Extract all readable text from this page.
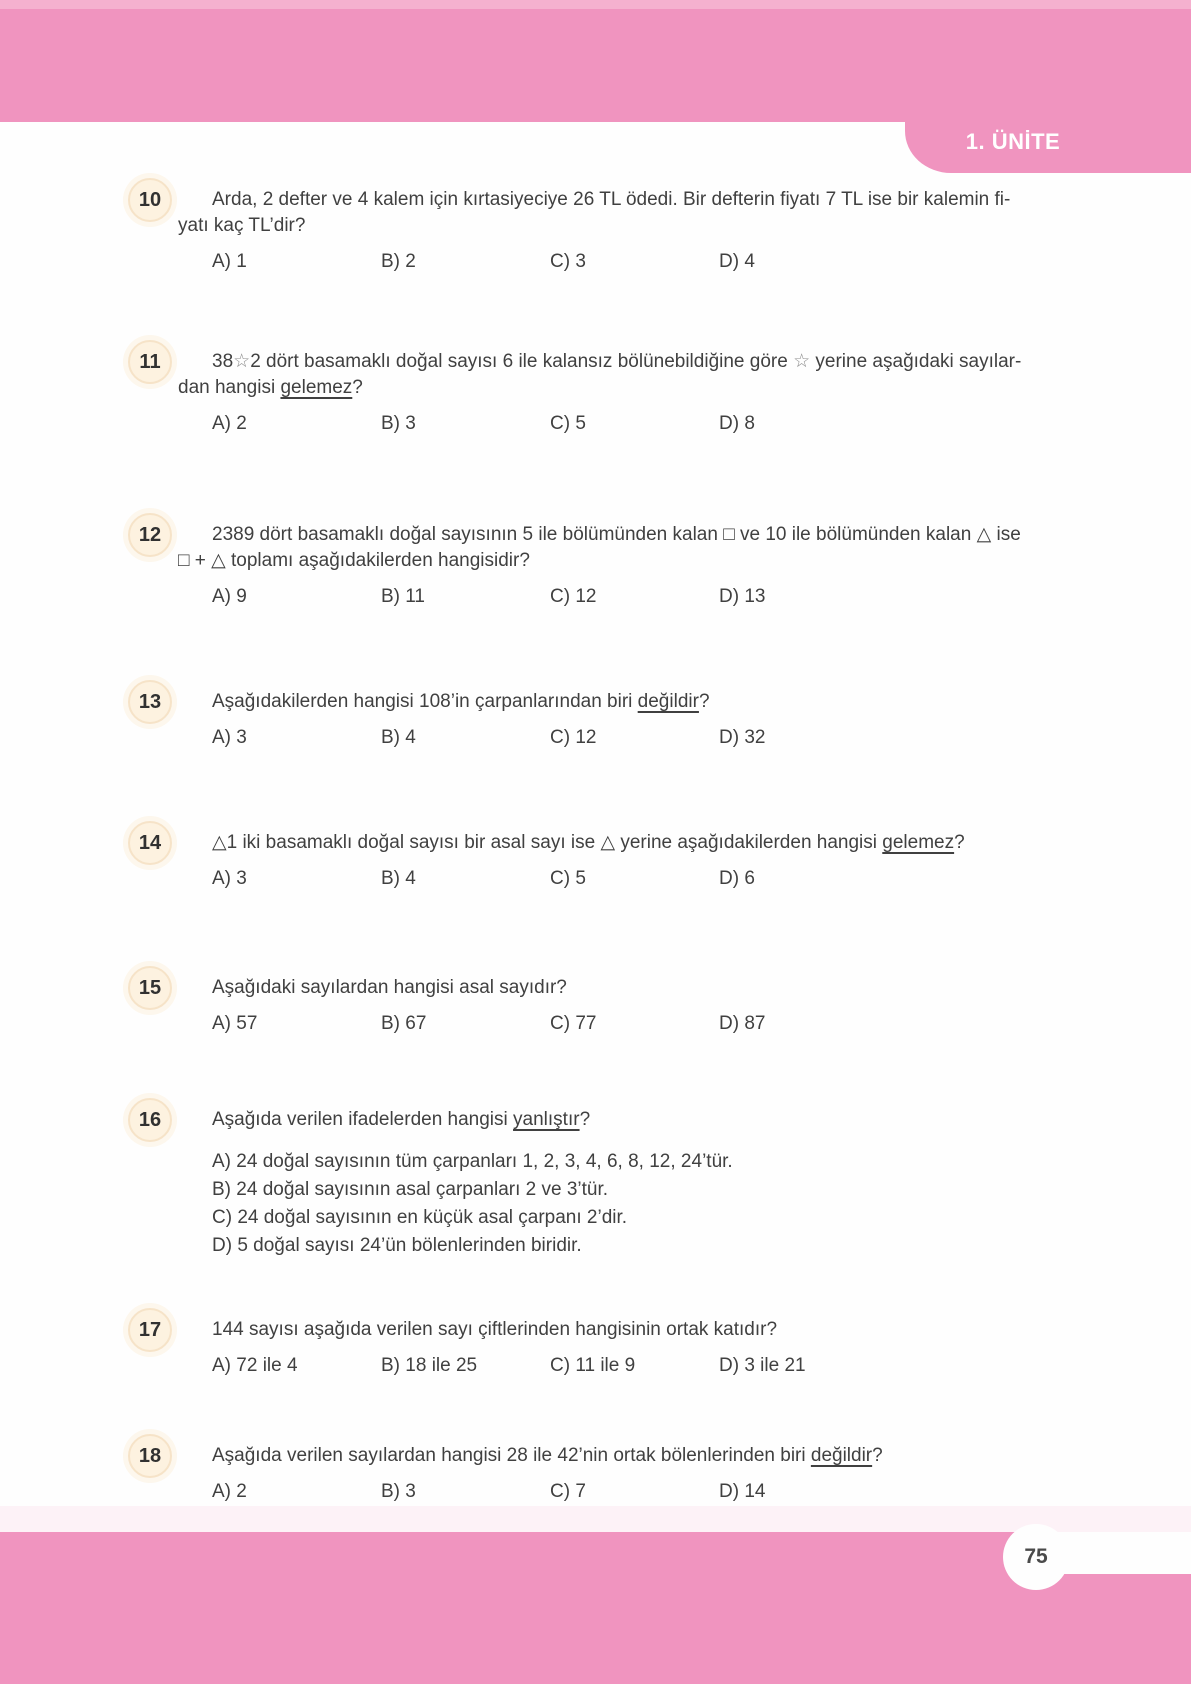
1. ÜNİTE
10	Arda, 2 defter ve 4 kalem için kırtasiyeciye 26 TL ödedi. Bir defterin fiyatı 7 TL ise bir kalemin fi-
yatı kaç TL’dir?

A) 1	B) 2	C) 3	D) 4
11	38☆2 dört basamaklı doğal sayısı 6 ile kalansız bölünebildiğine göre ☆ yerine aşağıdaki sayılar-
dan hangisi gelemez?

A) 2	B) 3	C) 5	D) 8
12	2389 dört basamaklı doğal sayısının 5 ile bölümünden kalan □ ve 10 ile bölümünden kalan △ ise
□ + △ toplamı aşağıdakilerden hangisidir?

A) 9	B) 11	C) 12	D) 13
13	Aşağıdakilerden hangisi 108’in çarpanlarından biri değildir?

A) 3	B) 4	C) 12	D) 32
14	△1 iki basamaklı doğal sayısı bir asal sayı ise △ yerine aşağıdakilerden hangisi gelemez?

A) 3	B) 4	C) 5	D) 6
15	Aşağıdaki sayılardan hangisi asal sayıdır?

A) 57	B) 67	C) 77	D) 87
16	Aşağıda verilen ifadelerden hangisi yanlıştır?

A) 24 doğal sayısının tüm çarpanları 1, 2, 3, 4, 6, 8, 12, 24’tür.
B) 24 doğal sayısının asal çarpanları 2 ve 3’tür.
C) 24 doğal sayısının en küçük asal çarpanı 2’dir.
D) 5 doğal sayısı 24’ün bölenlerinden biridir.
17	144 sayısı aşağıda verilen sayı çiftlerinden hangisinin ortak katıdır?

A) 72 ile 4	B) 18 ile 25	C) 11 ile 9	D) 3 ile 21
18	Aşağıda verilen sayılardan hangisi 28 ile 42’nin ortak bölenlerinden biri değildir?

A) 2	B) 3	C) 7	D) 14
75
